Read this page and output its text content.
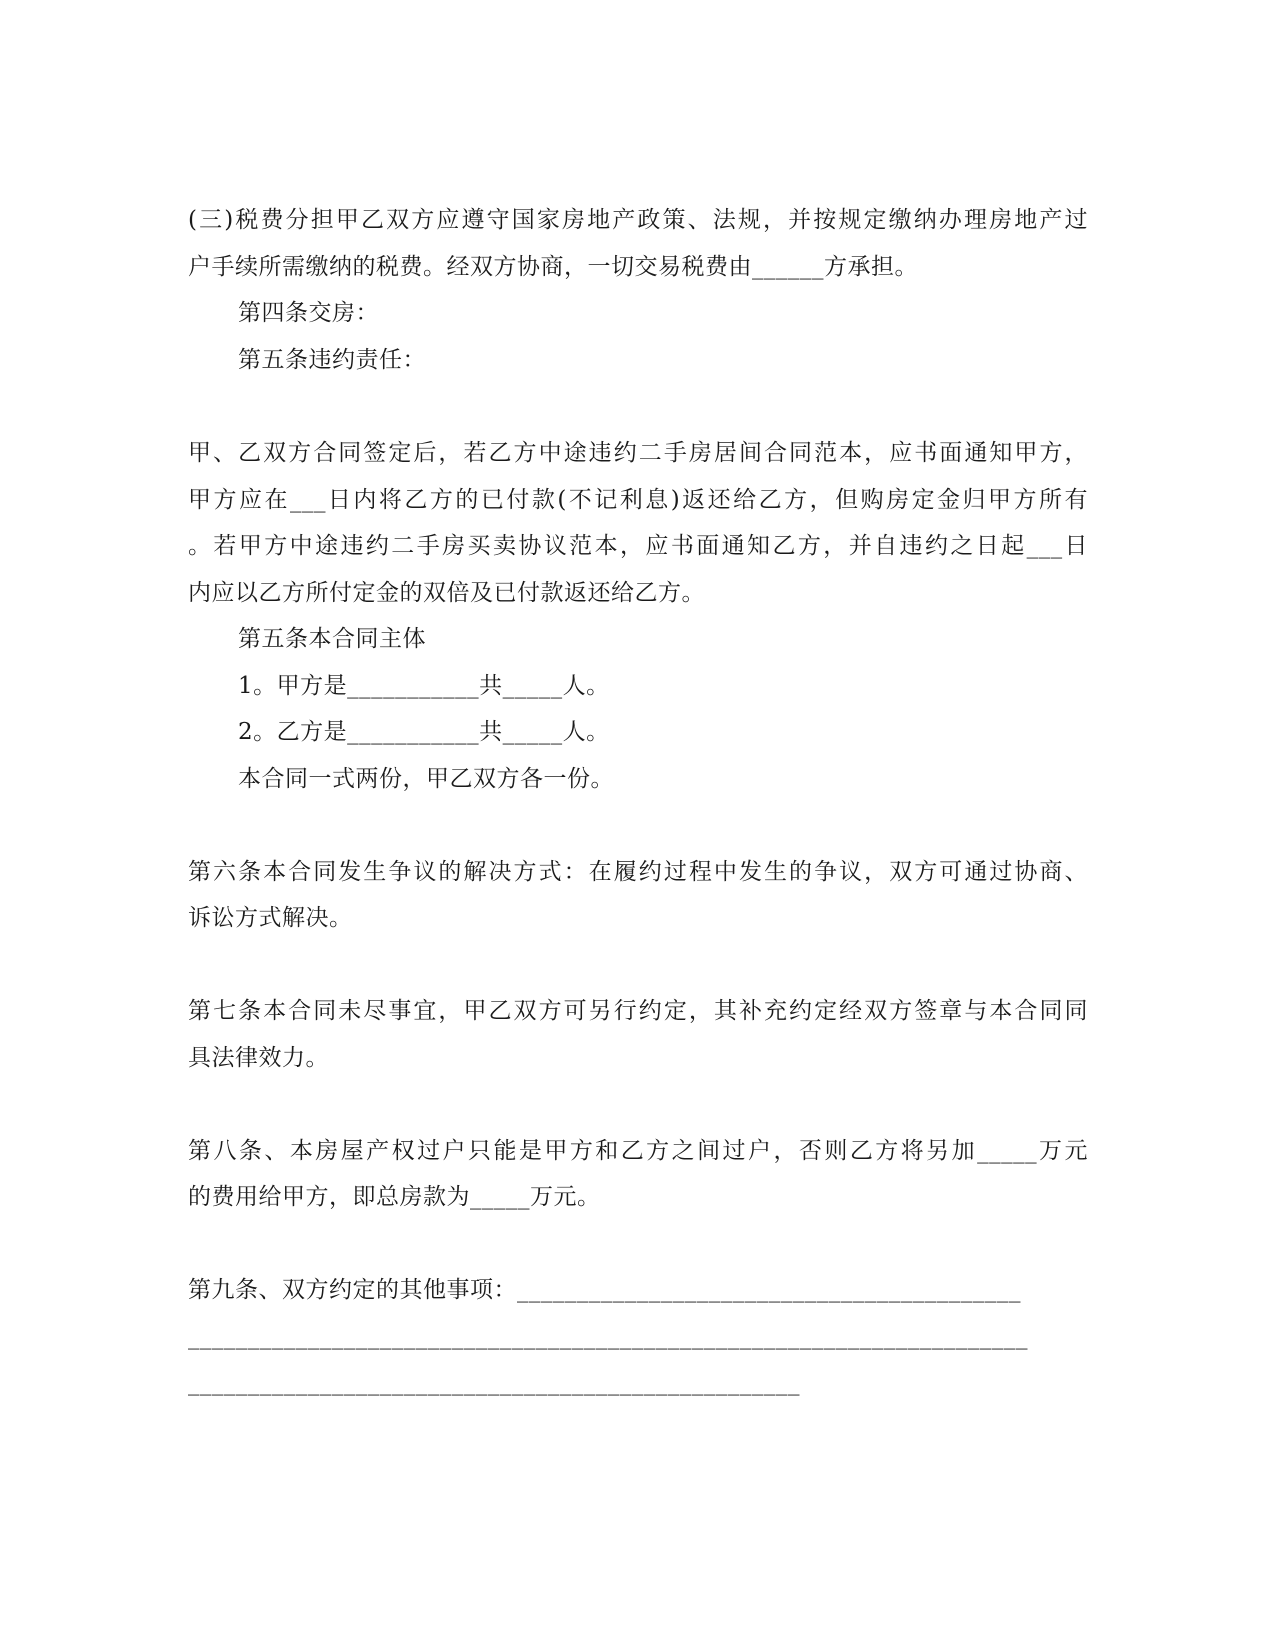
(三)税费分担甲乙双方应遵守国家房地产政策、法规，并按规定缴纳办理房地产过
户手续所需缴纳的税费。经双方协商，一切交易税费由______方承担。
第四条交房：
第五条违约责任：
甲、乙双方合同签定后，若乙方中途违约二手房居间合同范本，应书面通知甲方，
甲方应在___日内将乙方的已付款(不记利息)返还给乙方，但购房定金归甲方所有
。若甲方中途违约二手房买卖协议范本，应书面通知乙方，并自违约之日起___日
内应以乙方所付定金的双倍及已付款返还给乙方。
第五条本合同主体
1。甲方是___________共_____人。
2。乙方是___________共_____人。
本合同一式两份，甲乙双方各一份。
第六条本合同发生争议的解决方式：在履约过程中发生的争议，双方可通过协商、
诉讼方式解决。
第七条本合同未尽事宜，甲乙双方可另行约定，其补充约定经双方签章与本合同同
具法律效力。
第八条、本房屋产权过户只能是甲方和乙方之间过户，否则乙方将另加_____万元
的费用给甲方，即总房款为_____万元。
第九条、双方约定的其他事项：__________________________________________
______________________________________________________________________
___________________________________________________
